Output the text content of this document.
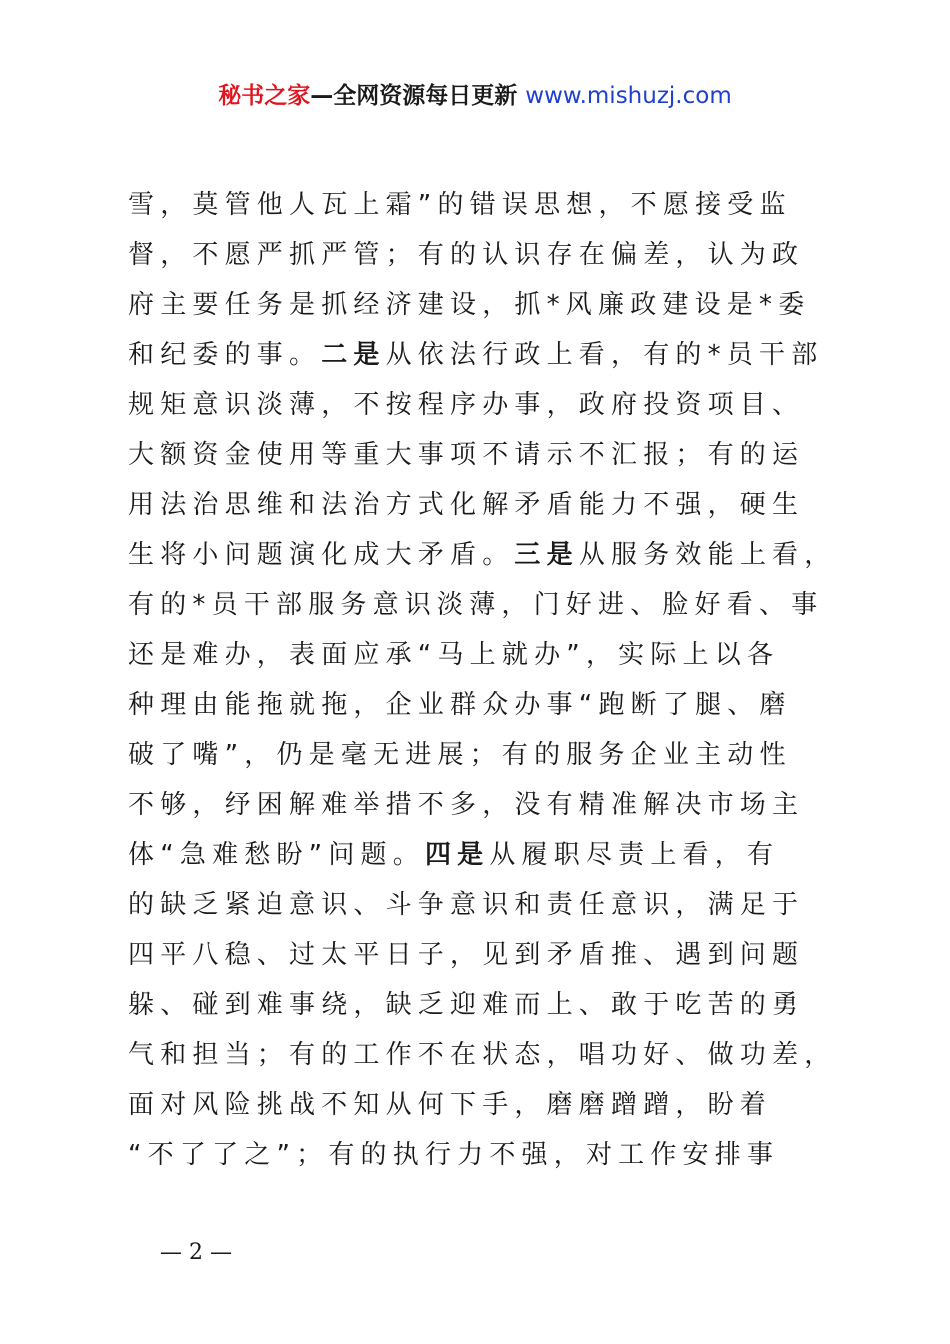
秘书之家—全网资源每日更新 www.mishuzj.com
雪，莫管他人瓦上霜”的错误思想，不愿接受监
督，不愿严抓严管；有的认识存在偏差，认为政
府主要任务是抓经济建设，抓*风廉政建设是*委
和纪委的事。二是从依法行政上看，有的*员干部
规矩意识淡薄，不按程序办事，政府投资项目、
大额资金使用等重大事项不请示不汇报；有的运
用法治思维和法治方式化解矛盾能力不强，硬生
生将小问题演化成大矛盾。三是从服务效能上看，
有的*员干部服务意识淡薄，门好进、脸好看、事
还是难办，表面应承“马上就办”，实际上以各
种理由能拖就拖，企业群众办事“跑断了腿、磨
破了嘴”，仍是毫无进展；有的服务企业主动性
不够，纾困解难举措不多，没有精准解决市场主
体“急难愁盼”问题。四是从履职尽责上看，有
的缺乏紧迫意识、斗争意识和责任意识，满足于
四平八稳、过太平日子，见到矛盾推、遇到问题
躲、碰到难事绕，缺乏迎难而上、敢于吃苦的勇
气和担当；有的工作不在状态，唱功好、做功差，
面对风险挑战不知从何下手，磨磨蹭蹭，盼着
“不了了之”；有的执行力不强，对工作安排事
— 2 —
